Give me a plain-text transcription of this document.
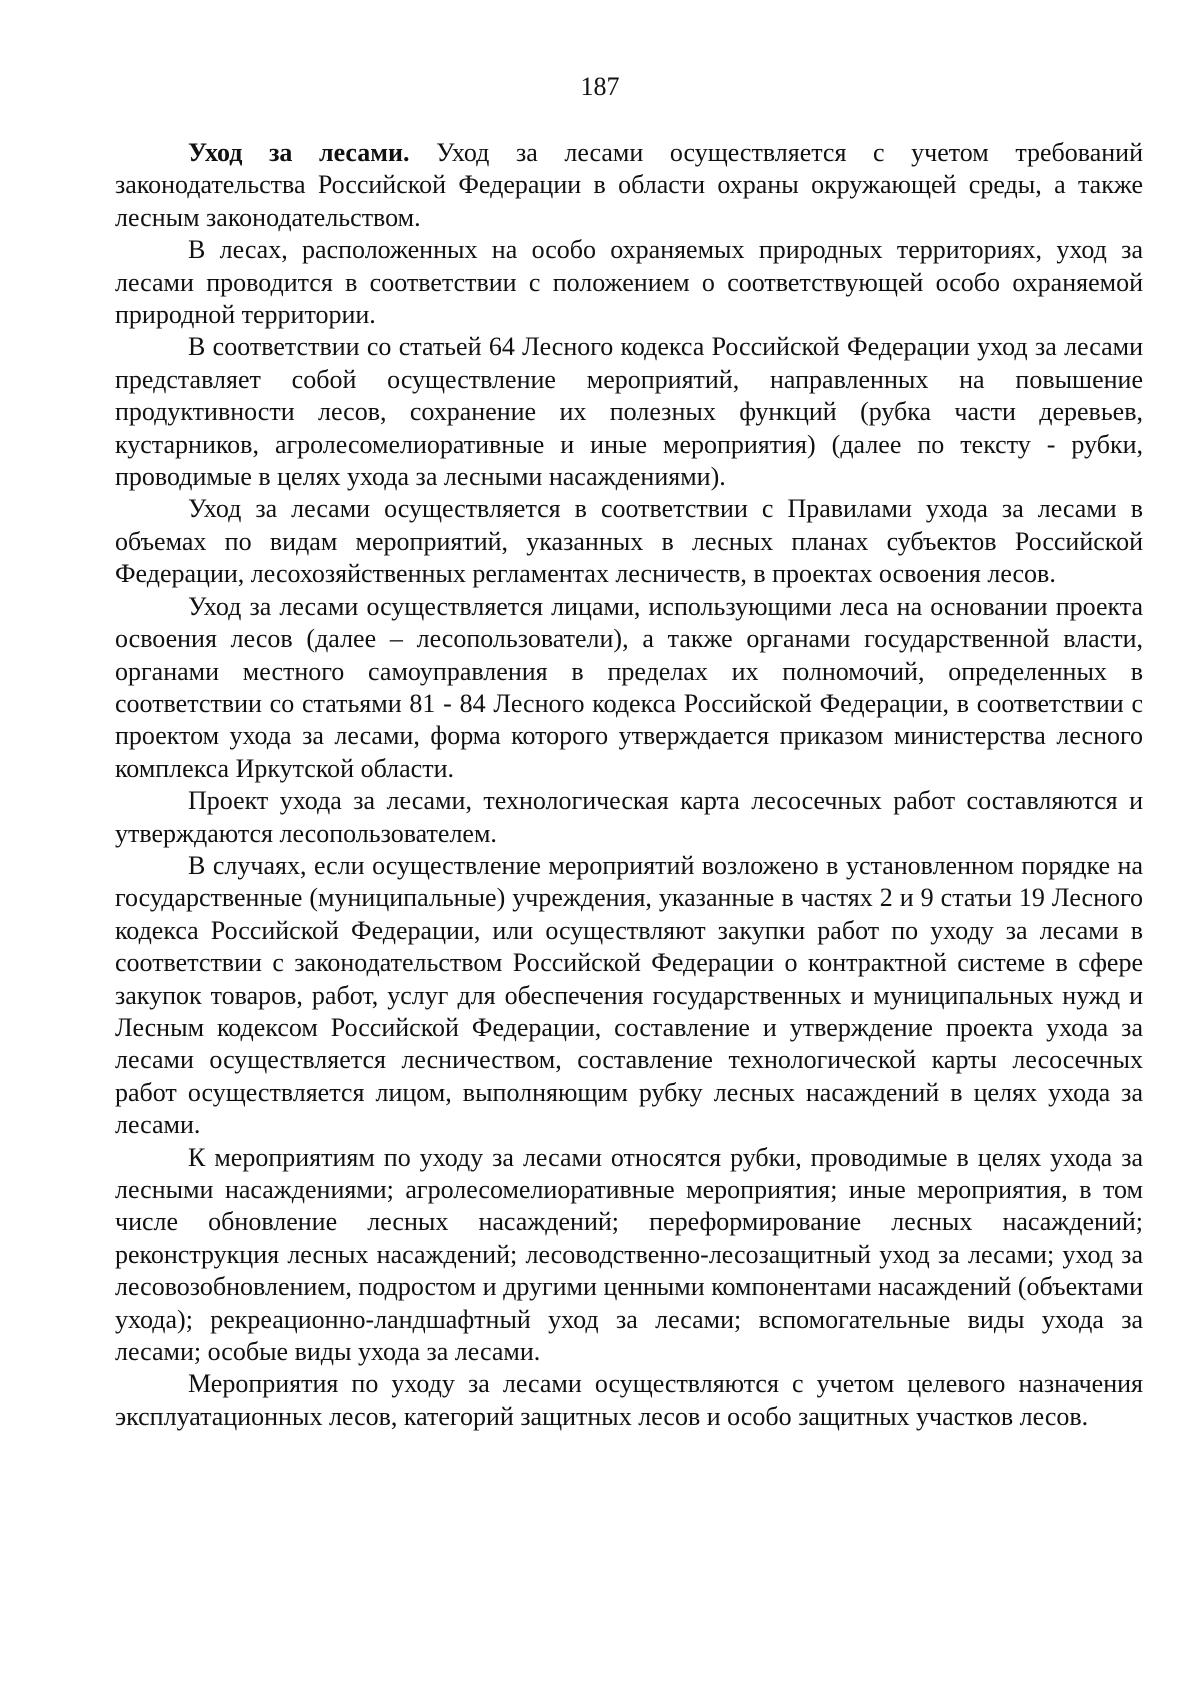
187

Уход за лесами. Уход за лесами осуществляется с учетом требований законодательства Российской Федерации в области охраны окружающей среды, а также лесным законодательством.

В лесах, расположенных на особо охраняемых природных территориях, уход за лесами проводится в соответствии с положением о соответствующей особо охраняемой природной территории.

В соответствии со статьей 64 Лесного кодекса Российской Федерации уход за лесами представляет собой осуществление мероприятий, направленных на повышение продуктивности лесов, сохранение их полезных функций (рубка части деревьев, кустарников, агролесомелиоративные и иные мероприятия) (далее по тексту - рубки, проводимые в целях ухода за лесными насаждениями).

Уход за лесами осуществляется в соответствии с Правилами ухода за лесами в объемах по видам мероприятий, указанных в лесных планах субъектов Российской Федерации, лесохозяйственных регламентах лесничеств, в проектах освоения лесов.

Уход за лесами осуществляется лицами, использующими леса на основании проекта освоения лесов (далее – лесопользователи), а также органами государственной власти, органами местного самоуправления в пределах их полномочий, определенных в соответствии со статьями 81 - 84 Лесного кодекса Российской Федерации, в соответствии с проектом ухода за лесами, форма которого утверждается приказом министерства лесного комплекса Иркутской области.

Проект ухода за лесами, технологическая карта лесосечных работ составляются и утверждаются лесопользователем.

В случаях, если осуществление мероприятий возложено в установленном порядке на государственные (муниципальные) учреждения, указанные в частях 2 и 9 статьи 19 Лесного кодекса Российской Федерации, или осуществляют закупки работ по уходу за лесами в соответствии с законодательством Российской Федерации о контрактной системе в сфере закупок товаров, работ, услуг для обеспечения государственных и муниципальных нужд и Лесным кодексом Российской Федерации, составление и утверждение проекта ухода за лесами осуществляется лесничеством, составление технологической карты лесосечных работ осуществляется лицом, выполняющим рубку лесных насаждений в целях ухода за лесами.

К мероприятиям по уходу за лесами относятся рубки, проводимые в целях ухода за лесными насаждениями; агролесомелиоративные мероприятия; иные мероприятия, в том числе обновление лесных насаждений; переформирование лесных насаждений; реконструкция лесных насаждений; лесоводственно-лесозащитный уход за лесами; уход за лесовозобновлением, подростом и другими ценными компонентами насаждений (объектами ухода); рекреационно-ландшафтный уход за лесами; вспомогательные виды ухода за лесами; особые виды ухода за лесами.

Мероприятия по уходу за лесами осуществляются с учетом целевого назначения эксплуатационных лесов, категорий защитных лесов и особо защитных участков лесов.
